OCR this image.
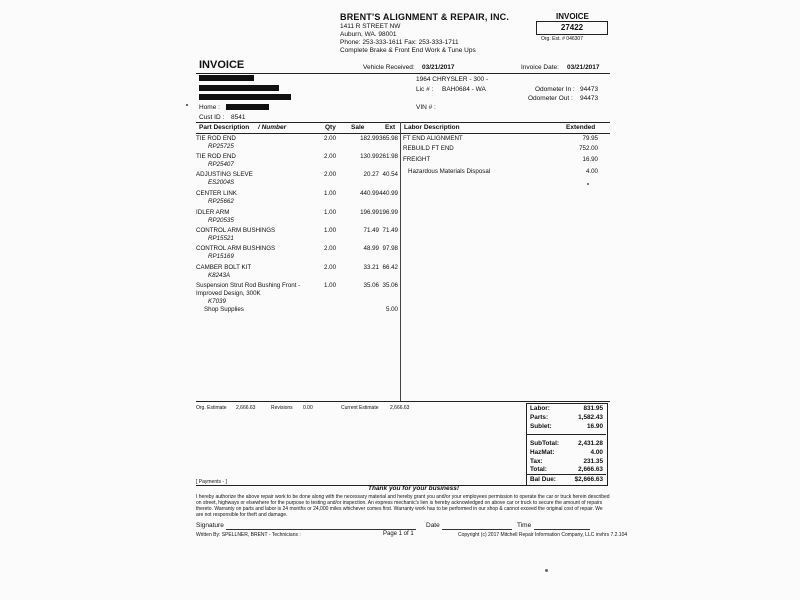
BRENT'S ALIGNMENT & REPAIR, INC.
1411 R STREET NW
Auburn, WA. 98001
Phone: 253-333-1611 Fax: 253-333-1711
Complete Brake & Front End Work & Tune Ups
INVOICE
27422
Org. Est. # 046307
INVOICE	Vehicle Received: 03/21/2017	Invoice Date: 03/21/2017
Home :
Cust ID : 8541
1964 CHRYSLER - 300 -
Lic # : BAH0684 - WA
VIN # :
Odometer In : 94473
Odometer Out : 94473
Part Description / Number	Qty Sale	Ext Labor Description	Extended
TIE ROD END
RP25725
2.00	182.99 365.98
TIE ROD END
RP25407
2.00	130.99 261.98
ADJUSTING SLEVE
ES2004S
2.00	20.27 40.54
CENTER LINK
RP25662
1.00	440.99 440.99
IDLER ARM
RP20535
1.00	196.99 196.99
CONTROL ARM BUSHINGS
RP15521
1.00	71.49 71.49
CONTROL ARM BUSHINGS
RP15169
2.00	48.99 97.98
CAMBER BOLT KIT
K8243A
2.00	33.21 66.42
Suspension Strut Rod Bushing Front -
Improved Design, 300K
K7039
1.00	35.06 35.06
Shop Supplies	5.00
FT END ALIGNMENT	79.95
REBUILD FT END	752.00
FREIGHT	16.90
Hazardous Materials Disposal	4.00
Org. Estimate 2,666.63	Revisions 0.00	Current Estimate 2,666.63	Labor:	831.95
Parts:	1,582.43
Sublet:	16.90
SubTotal:	2,431.28
HazMat:	4.00
Tax:	231.35
Total:	2,666.63
Bal Due:	$2,666.63
[ Payments - ]
Thank you for your business!
I hereby authorize the above repair work to be done along with the necessary material and hereby grant you and/or your employees permission to operate the car or truck herein described
on street, highways or elsewhere for the purpose to testing and/or inspection. An express mechanic's lien is hereby acknowledged on above car or truck to secure the amount of repairs
thereto. Warranty on parts and labor is 24 months or 24,000 miles whichever comes first. Warranty work has to be performed in our shop & cannot exceed the original cost of repair. We
are not responsible for theft and damage.
Signature	Date	Time
Written By: SPELLNER, BRENT - Technicians :	Page 1 of 1	Copyright (c) 2017 Mitchell Repair Information Company, LLC invhrs 7.2.104
